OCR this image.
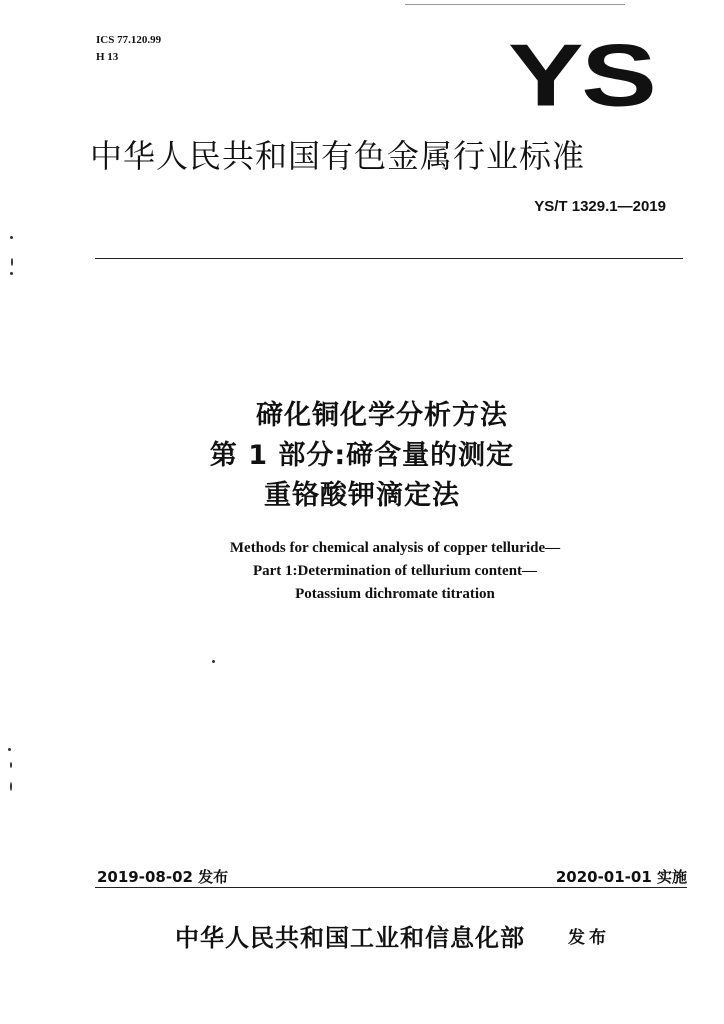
ICS 77.120.99
H 13	YS
中华人民共和国有色金属行业标准
YS/T 1329.1—2019
碲化铜化学分析方法
第 1 部分:碲含量的测定
重铬酸钾滴定法
Methods for chemical analysis of copper telluride—
Part 1:Determination of tellurium content—
Potassium dichromate titration
2019-08-02 发布	2020-01-01 实施
中华人民共和国工业和信息化部	发布
